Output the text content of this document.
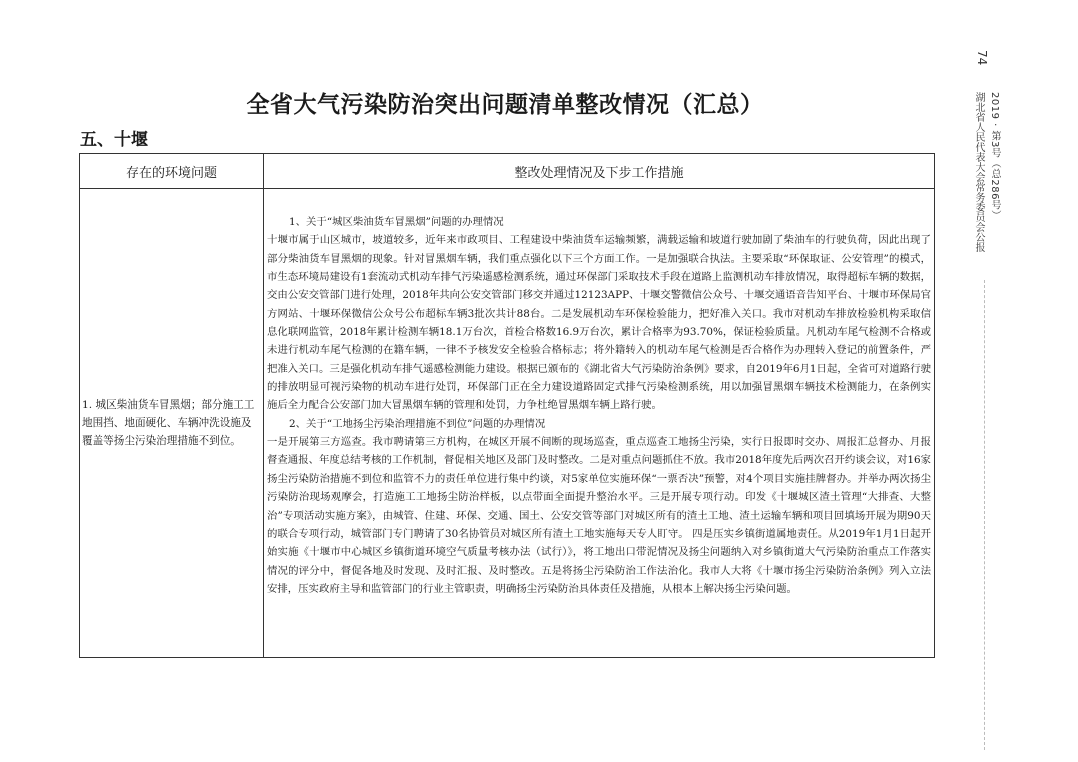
74
湖北省人民代表大会常务委员会公报 2019 · 第3号（总286号）
全省大气污染防治突出问题清单整改情况（汇总）
五、十堰
存在的环境问题	整改处理情况及下步工作措施
1. 城区柴油货车冒黑烟；部分施工工地围挡、地面硬化、车辆冲洗设施及覆盖等扬尘污染治理措施不到位。	1、关于“城区柴油货车冒黑烟”问题的办理情况

十堰市属于山区城市，坡道较多，近年来市政项目、工程建设中柴油货车运输频繁，满载运输和坡道行驶加剧了柴油车的行驶负荷，因此出现了部分柴油货车冒黑烟的现象。针对冒黑烟车辆，我们重点强化以下三个方面工作。一是加强联合执法。主要采取“环保取证、公安管理”的模式，市生态环境局建设有1套流动式机动车排气污染遥感检测系统，通过环保部门采取技术手段在道路上监测机动车排放情况，取得超标车辆的数据，交由公安交管部门进行处理，2018年共向公安交管部门移交并通过12123APP、十堰交警微信公众号、十堰交通语音告知平台、十堰市环保局官方网站、十堰环保微信公众号公布超标车辆3批次共计88台。二是发展机动车环保检验能力，把好准入关口。我市对机动车排放检验机构采取信息化联网监管，2018年累计检测车辆18.1万台次，首检合格数16.9万台次，累计合格率为93.70%，保证检验质量。凡机动车尾气检测不合格或未进行机动车尾气检测的在籍车辆，一律不予核发安全检验合格标志；将外籍转入的机动车尾气检测是否合格作为办理转入登记的前置条件，严把准入关口。三是强化机动车排气遥感检测能力建设。根据已颁布的《湖北省大气污染防治条例》要求，自2019年6月1日起，全省可对道路行驶的排放明显可视污染物的机动车进行处罚，环保部门正在全力建设道路固定式排气污染检测系统，用以加强冒黑烟车辆技术检测能力，在条例实施后全力配合公安部门加大冒黑烟车辆的管理和处罚，力争杜绝冒黑烟车辆上路行驶。

2、关于“工地扬尘污染治理措施不到位”问题的办理情况

一是开展第三方巡查。我市聘请第三方机构，在城区开展不间断的现场巡查，重点巡查工地扬尘污染，实行日报即时交办、周报汇总督办、月报督查通报、年度总结考核的工作机制，督促相关地区及部门及时整改。二是对重点问题抓住不放。我市2018年度先后两次召开约谈会议，对16家扬尘污染防治措施不到位和监管不力的责任单位进行集中约谈，对5家单位实施环保“一票否决”预警，对4个项目实施挂牌督办。并举办两次扬尘污染防治现场观摩会，打造施工工地扬尘防治样板，以点带面全面提升整治水平。三是开展专项行动。印发《十堰城区渣土管理“大排查、大整治”专项活动实施方案》，由城管、住建、环保、交通、国土、公安交管等部门对城区所有的渣土工地、渣土运输车辆和项目回填场开展为期90天的联合专项行动，城管部门专门聘请了30名协管员对城区所有渣土工地实施每天专人盯守。 四是压实乡镇街道属地责任。从2019年1月1日起开始实施《十堰市中心城区乡镇街道环境空气质量考核办法（试行）》，将工地出口带泥情况及扬尘问题纳入对乡镇街道大气污染防治重点工作落实情况的评分中，督促各地及时发现、及时汇报、及时整改。五是将扬尘污染防治工作法治化。我市人大将《十堰市扬尘污染防治条例》列入立法安排，压实政府主导和监管部门的行业主管职责，明确扬尘污染防治具体责任及措施，从根本上解决扬尘污染问题。
